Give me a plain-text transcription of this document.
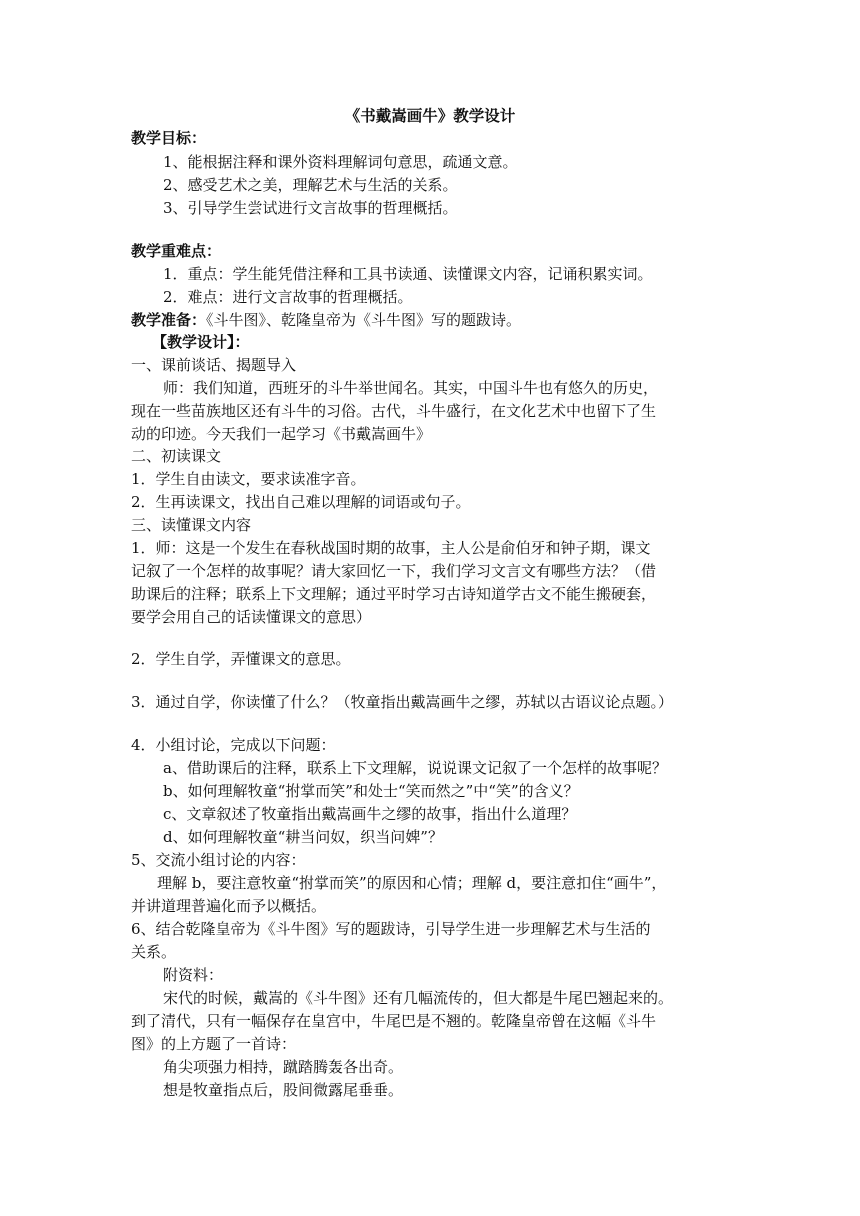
《书戴嵩画牛》教学设计
教学目标：
1、能根据注释和课外资料理解词句意思，疏通文意。
2、感受艺术之美，理解艺术与生活的关系。
3、引导学生尝试进行文言故事的哲理概括。
教学重难点：
1．重点：学生能凭借注释和工具书读通、读懂课文内容，记诵积累实词。
2．难点：进行文言故事的哲理概括。
教学准备：《斗牛图》、乾隆皇帝为《斗牛图》写的题跋诗。
【教学设计】：
一、课前谈话、揭题导入
师：我们知道，西班牙的斗牛举世闻名。其实，中国斗牛也有悠久的历史，
现在一些苗族地区还有斗牛的习俗。古代，斗牛盛行，在文化艺术中也留下了生
动的印迹。今天我们一起学习《书戴嵩画牛》
二、初读课文
1．学生自由读文，要求读准字音。
2．生再读课文，找出自己难以理解的词语或句子。
三、读懂课文内容
1．师：这是一个发生在春秋战国时期的故事，主人公是俞伯牙和钟子期，课文
记叙了一个怎样的故事呢？请大家回忆一下，我们学习文言文有哪些方法？（借
助课后的注释；联系上下文理解；通过平时学习古诗知道学古文不能生搬硬套，
要学会用自己的话读懂课文的意思）
2．学生自学，弄懂课文的意思。
3．通过自学，你读懂了什么？（牧童指出戴嵩画牛之缪，苏轼以古语议论点题。）
4．小组讨论，完成以下问题：
a、借助课后的注释，联系上下文理解，说说课文记叙了一个怎样的故事呢？
b、如何理解牧童“拊掌而笑”和处士“笑而然之”中“笑”的含义？
c、文章叙述了牧童指出戴嵩画牛之缪的故事，指出什么道理？
d、如何理解牧童“耕当问奴，织当问婢”？
5、交流小组讨论的内容：
理解 b，要注意牧童“拊掌而笑”的原因和心情；理解 d，要注意扣住“画牛”，
并讲道理普遍化而予以概括。
6、结合乾隆皇帝为《斗牛图》写的题跋诗，引导学生进一步理解艺术与生活的
关系。
附资料：
宋代的时候，戴嵩的《斗牛图》还有几幅流传的，但大都是牛尾巴翘起来的。
到了清代，只有一幅保存在皇宫中，牛尾巴是不翘的。乾隆皇帝曾在这幅《斗牛
图》的上方题了一首诗：
角尖项强力相持，蹴踏腾轰各出奇。
想是牧童指点后，股间微露尾垂垂。
